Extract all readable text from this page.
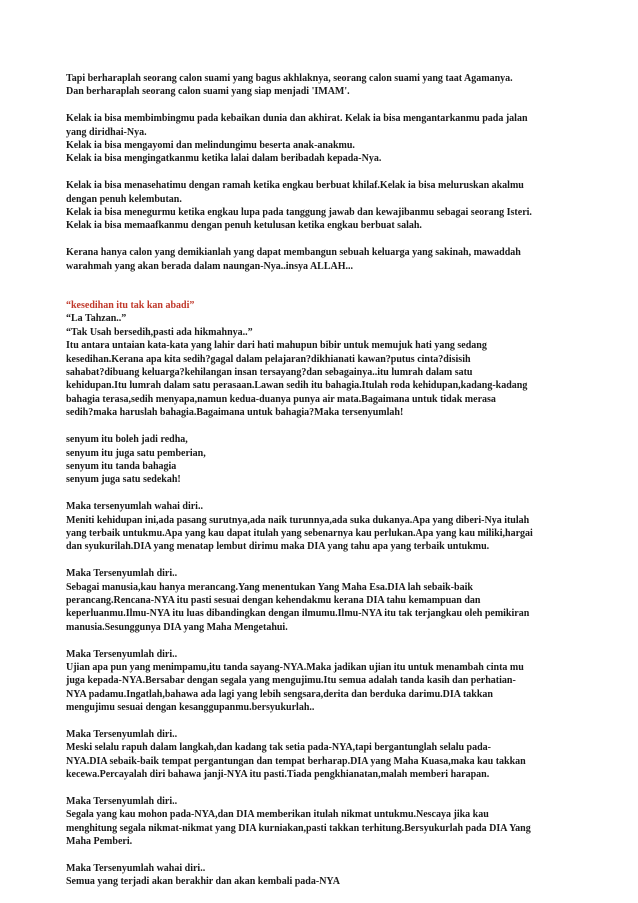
Tapi berharaplah seorang calon suami yang bagus akhlaknya, seorang calon suami yang taat Agamanya.
Dan berharaplah seorang calon suami yang siap menjadi 'IMAM'.
Kelak ia bisa membimbingmu pada kebaikan dunia dan akhirat. Kelak ia bisa mengantarkanmu pada jalan
yang diridhai-Nya.
Kelak ia bisa mengayomi dan melindungimu beserta anak-anakmu.
Kelak ia bisa mengingatkanmu ketika lalai dalam beribadah kepada-Nya.
Kelak ia bisa menasehatimu dengan ramah ketika engkau berbuat khilaf.Kelak ia bisa meluruskan akalmu
dengan penuh kelembutan.
Kelak ia bisa menegurmu ketika engkau lupa pada tanggung jawab dan kewajibanmu sebagai seorang Isteri.
Kelak ia bisa memaafkanmu dengan penuh ketulusan ketika engkau berbuat salah.
Kerana hanya calon yang demikianlah yang dapat membangun sebuah keluarga yang sakinah, mawaddah
warahmah yang akan berada dalam naungan-Nya..insya ALLAH...
“kesedihan itu tak kan abadi”
“La Tahzan..”
“Tak Usah bersedih,pasti ada hikmahnya..”
Itu antara untaian kata-kata yang lahir dari hati mahupun bibir untuk memujuk hati yang sedang
kesedihan.Kerana apa kita sedih?gagal dalam pelajaran?dikhianati kawan?putus cinta?disisih
sahabat?dibuang keluarga?kehilangan insan tersayang?dan sebagainya..itu lumrah dalam satu
kehidupan.Itu lumrah dalam satu perasaan.Lawan sedih itu bahagia.Itulah roda kehidupan,kadang-kadang
bahagia terasa,sedih menyapa,namun kedua-duanya punya air mata.Bagaimana untuk tidak merasa
sedih?maka haruslah bahagia.Bagaimana untuk bahagia?Maka tersenyumlah!
senyum itu boleh jadi redha,
senyum itu juga satu pemberian,
senyum itu tanda bahagia
senyum juga satu sedekah!
Maka tersenyumlah wahai diri..
Meniti kehidupan ini,ada pasang surutnya,ada naik turunnya,ada suka dukanya.Apa yang diberi-Nya itulah
yang terbaik untukmu.Apa yang kau dapat itulah yang sebenarnya kau perlukan.Apa yang kau miliki,hargai
dan syukurilah.DIA yang menatap lembut dirimu maka DIA yang tahu apa yang terbaik untukmu.
Maka Tersenyumlah diri..
Sebagai manusia,kau hanya merancang.Yang menentukan Yang Maha Esa.DIA lah sebaik-baik
perancang.Rencana-NYA itu pasti sesuai dengan kehendakmu kerana DIA tahu kemampuan dan
keperluanmu.Ilmu-NYA itu luas dibandingkan dengan ilmumu.Ilmu-NYA itu tak terjangkau oleh pemikiran
manusia.Sesunggunya DIA yang Maha Mengetahui.
Maka Tersenyumlah diri..
Ujian apa pun yang menimpamu,itu tanda sayang-NYA.Maka jadikan ujian itu untuk menambah cinta mu
juga kepada-NYA.Bersabar dengan segala yang mengujimu.Itu semua adalah tanda kasih dan perhatian-
NYA padamu.Ingatlah,bahawa ada lagi yang lebih sengsara,derita dan berduka darimu.DIA takkan
mengujimu sesuai dengan kesanggupanmu.bersyukurlah..
Maka Tersenyumlah diri..
Meski selalu rapuh dalam langkah,dan kadang tak setia pada-NYA,tapi bergantunglah selalu pada-
NYA.DIA sebaik-baik tempat pergantungan dan tempat berharap.DIA yang Maha Kuasa,maka kau takkan
kecewa.Percayalah diri bahawa janji-NYA itu pasti.Tiada pengkhianatan,malah memberi harapan.
Maka Tersenyumlah diri..
Segala yang kau mohon pada-NYA,dan DIA memberikan itulah nikmat untukmu.Nescaya jika kau
menghitung segala nikmat-nikmat yang DIA kurniakan,pasti takkan terhitung.Bersyukurlah pada DIA Yang
Maha Pemberi.
Maka Tersenyumlah wahai diri..
Semua yang terjadi akan berakhir dan akan kembali pada-NYA
